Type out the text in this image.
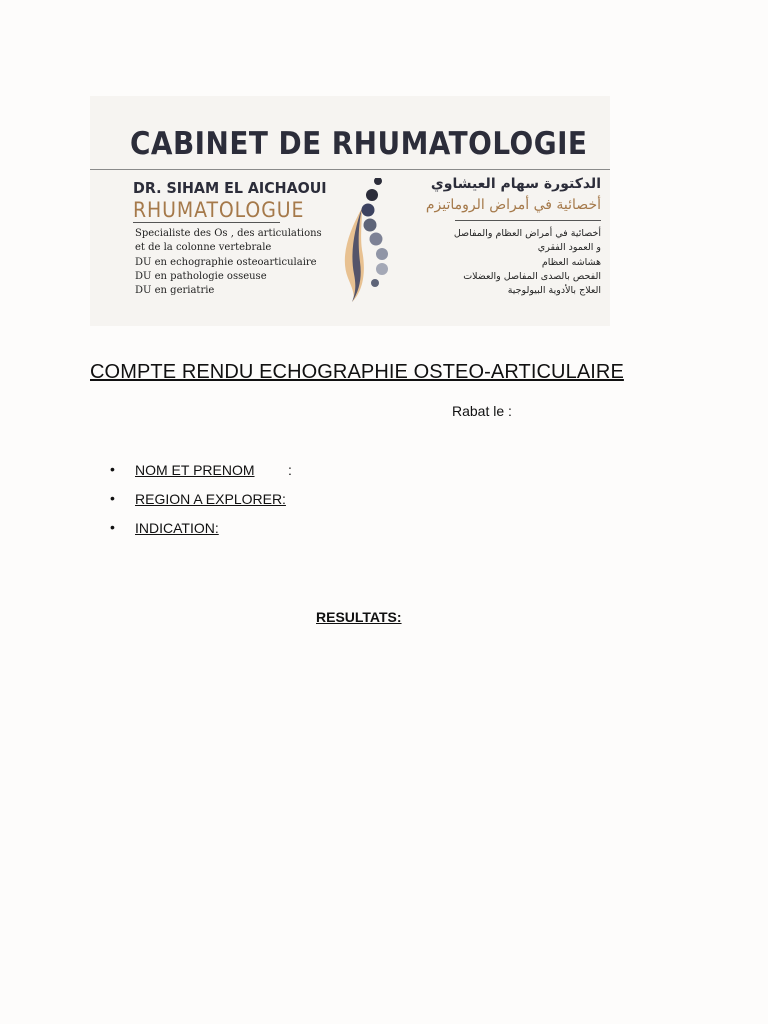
CABINET DE RHUMATOLOGIE
DR. SIHAM EL AICHAOUI
RHUMATOLOGUE
Specialiste des Os , des articulations
et de la colonne vertebrale
DU en echographie osteoarticulaire
DU en pathologie osseuse
DU en geriatrie
الدكتورة سهام العيشاوي
أخصائية في أمراض الروماتيزم
أخصائية في أمراض العظام والمفاصل
و العمود الفقري
هشاشه العظام
الفحص بالصدى المفاصل والعضلات
العلاج بالأدوية البيولوجية
COMPTE RENDU ECHOGRAPHIE OSTEO-ARTICULAIRE
Rabat le :
• NOM ET PRENOM :
• REGION A EXPLORER:
• INDICATION:
RESULTATS:
